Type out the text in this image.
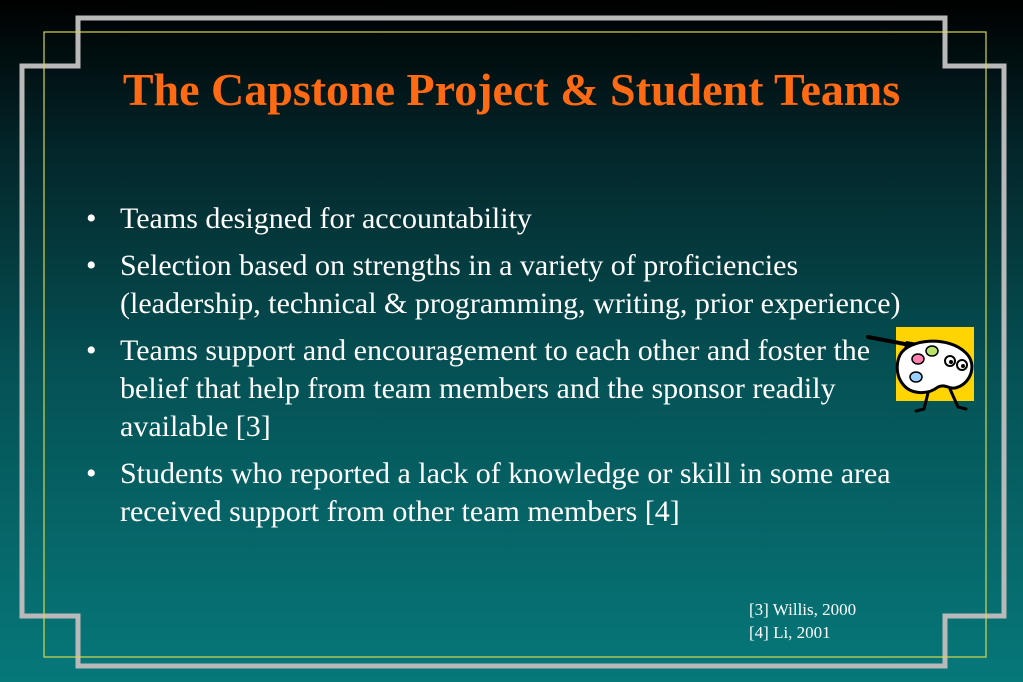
The Capstone Project & Student Teams
• Teams designed for accountability
• Selection based on strengths in a variety of proficiencies (leadership, technical & programming, writing, prior experience)
• Teams support and encouragement to each other and foster the belief that help from team members and the sponsor readily available [3]
• Students who reported a lack of knowledge or skill in some area received support from other team members [4]
[3] Willis, 2000
[4] Li, 2001
